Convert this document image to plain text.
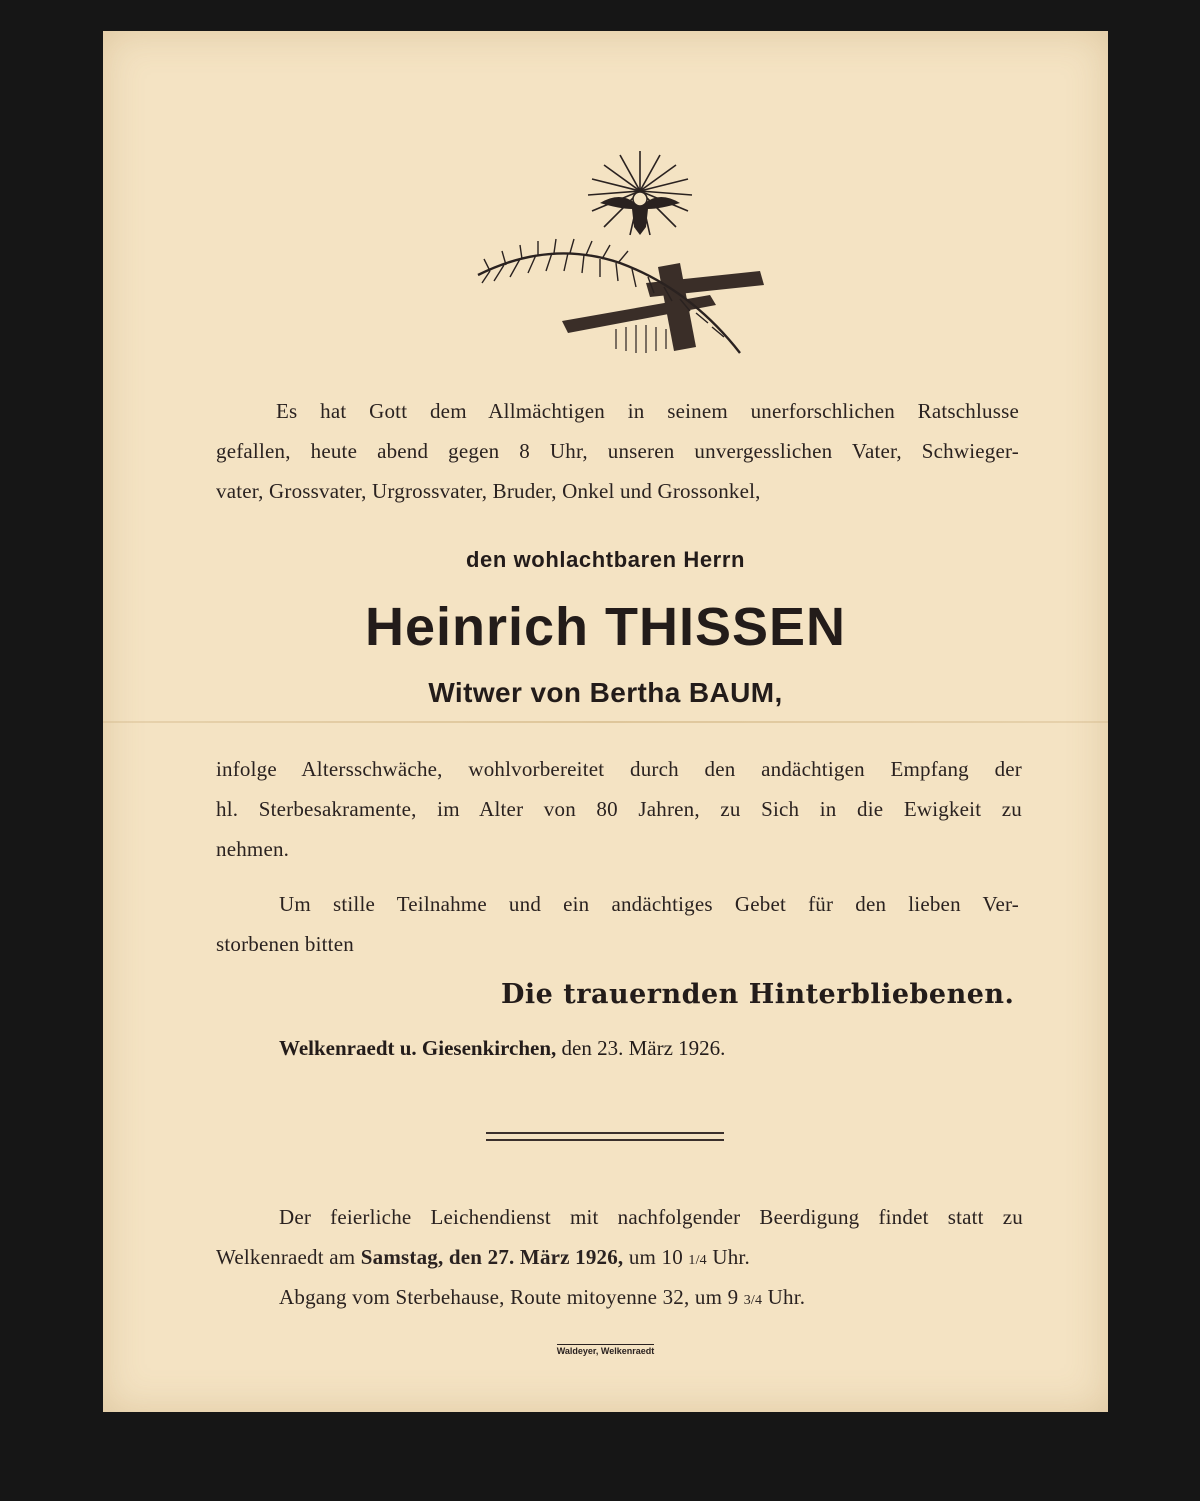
Es hat Gott dem Allmächtigen in seinem unerforschlichen Ratschlusse
gefallen, heute abend gegen 8 Uhr, unseren unvergesslichen Vater, Schwieger-
vater, Grossvater, Urgrossvater, Bruder, Onkel und Grossonkel,
den wohlachtbaren Herrn
Heinrich THISSEN
Witwer von Bertha BAUM,
infolge Altersschwäche, wohlvorbereitet durch den andächtigen Empfang der
hl. Sterbesakramente, im Alter von 80 Jahren, zu Sich in die Ewigkeit zu
nehmen.
Um stille Teilnahme und ein andächtiges Gebet für den lieben Ver-
storbenen bitten
Die trauernden Hinterbliebenen.
Welkenraedt u. Giesenkirchen, den 23. März 1926.
Der feierliche Leichendienst mit nachfolgender Beerdigung findet statt zu
Welkenraedt am Samstag, den 27. März 1926, um 10 1/4 Uhr.
Abgang vom Sterbehause, Route mitoyenne 32, um 9 3/4 Uhr.
Waldeyer, Welkenraedt
